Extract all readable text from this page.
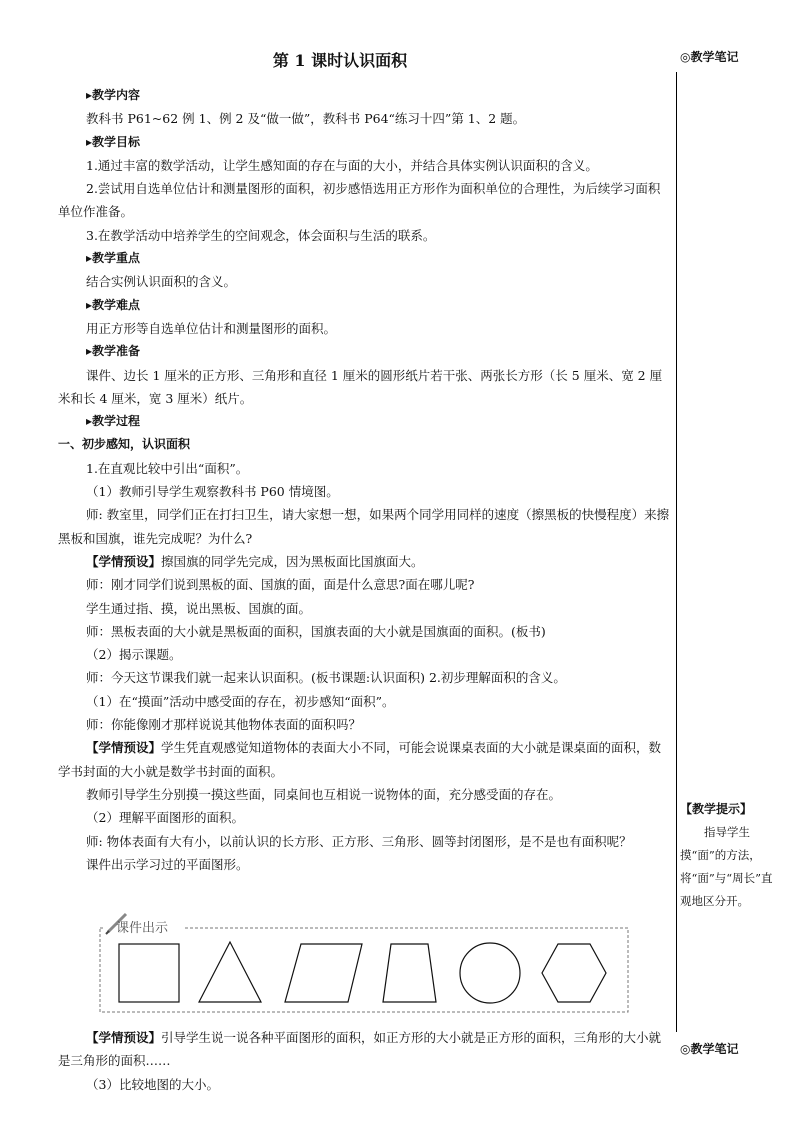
第 1 课时认识面积	◎教学笔记

▸教学内容

教科书 P61~62 例 1、例 2 及“做一做”，教科书 P64“练习十四”第 1、2 题。

▸教学目标

1.通过丰富的数学活动，让学生感知面的存在与面的大小，并结合具体实例认识面积的含义。

2.尝试用自选单位估计和测量图形的面积，初步感悟选用正方形作为面积单位的合理性，为后续学习面积单位作准备。

3.在教学活动中培养学生的空间观念，体会面积与生活的联系。

▸教学重点

结合实例认识面积的含义。

▸教学难点

用正方形等自选单位估计和测量图形的面积。

▸教学准备

课件、边长 1 厘米的正方形、三角形和直径 1 厘米的圆形纸片若干张、两张长方形（长 5 厘米、宽 2 厘米和长 4 厘米，宽 3 厘米）纸片。

▸教学过程

一、初步感知，认识面积

1.在直观比较中引出“面积”。

（1）教师引导学生观察教科书 P60 情境图。

师: 教室里，同学们正在打扫卫生，请大家想一想，如果两个同学用同样的速度（擦黑板的快慢程度）来擦黑板和国旗，谁先完成呢？为什么?

【学情预设】擦国旗的同学先完成，因为黑板面比国旗面大。

师：刚才同学们说到黑板的面、国旗的面，面是什么意思?面在哪儿呢?

学生通过指、摸，说出黑板、国旗的面。

师：黑板表面的大小就是黑板面的面积，国旗表面的大小就是国旗面的面积。(板书)

（2）揭示课题。

师：今天这节课我们就一起来认识面积。(板书课题:认识面积) 2.初步理解面积的含义。

（1）在“摸面”活动中感受面的存在，初步感知“面积”。

师：你能像刚才那样说说其他物体表面的面积吗？

【学情预设】学生凭直观感觉知道物体的表面大小不同，可能会说课桌表面的大小就是课桌面的面积，数学书封面的大小就是数学书封面的面积。

教师引导学生分别摸一摸这些面，同桌间也互相说一说物体的面，充分感受面的存在。

（2）理解平面图形的面积。

师: 物体表面有大有小，以前认识的长方形、正方形、三角形、圆等封闭图形，是不是也有面积呢？

课件出示学习过的平面图形。

【教学提示】
指导学生摸“面”的方法，将“面”与“周长”直观地区分开。
课件出示
◎教学笔记

【学情预设】引导学生说一说各种平面图形的面积，如正方形的大小就是正方形的面积，三角形的大小就是三角形的面积……

（3）比较地图的大小。
